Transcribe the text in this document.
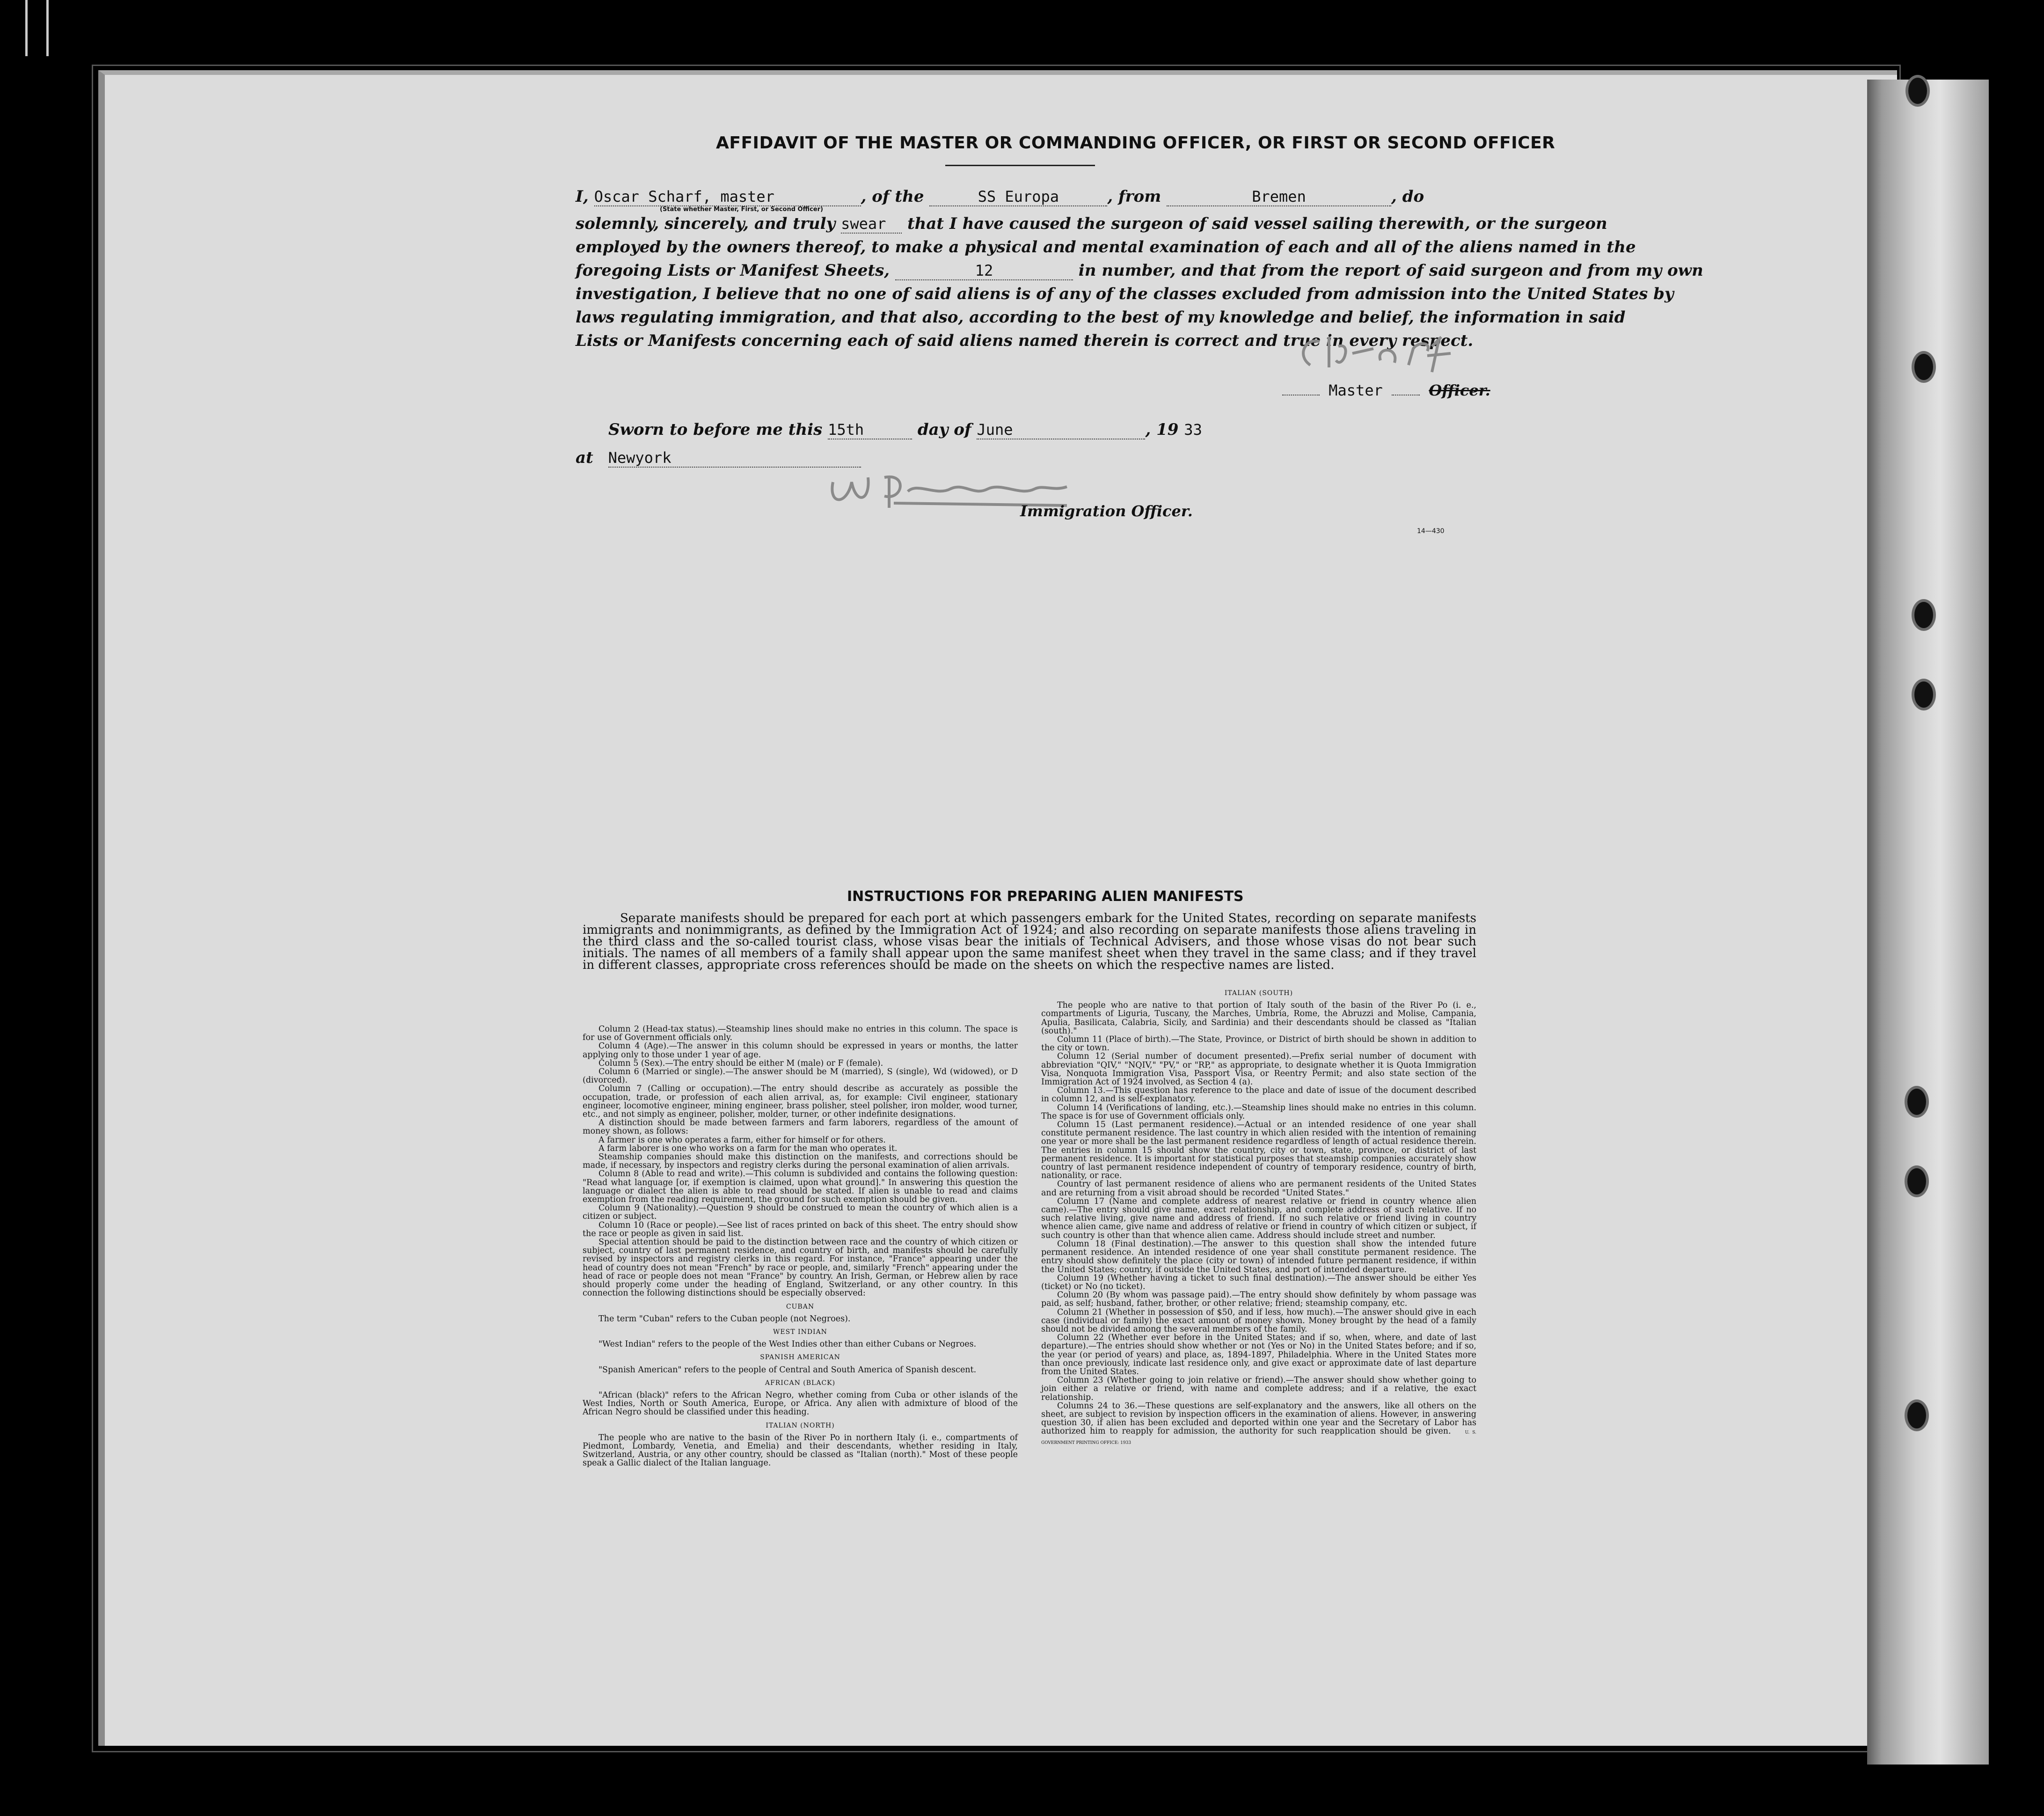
AFFIDAVIT OF THE MASTER OR COMMANDING OFFICER, OR FIRST OR SECOND OFFICER
I, Oscar Scharf, master	, of the	SS Europa	, from	Bremen	, do
(State whether Master, First, or Second Officer)
solemnly, sincerely, and truly swear that I have caused the surgeon of said vessel sailing therewith, or the surgeon
employed by the owners thereof, to make a physical and mental examination of each and all of the aliens named in the
foregoing Lists or Manifest Sheets,	12	in number, and that from the report of said surgeon and from my own
investigation, I believe that no one of said aliens is of any of the classes excluded from admission into the United States by
laws regulating immigration, and that also, according to the best of my knowledge and belief, the information in said
Lists or Manifests concerning each of said aliens named therein is correct and true in every respect.
Master	Officer.
Sworn to before me this 15th	day of June	, 19 33
at Newyork
Immigration Officer.
14—430
INSTRUCTIONS FOR PREPARING ALIEN MANIFESTS
Separate manifests should be prepared for each port at which passengers embark for the United States, recording on separate manifests immigrants and nonimmigrants, as defined by the Immigration Act of 1924; and also recording on separate manifests those aliens traveling in the third class and the so-called tourist class, whose visas bear the initials of Technical Advisers, and those whose visas do not bear such initials. The names of all members of a family shall appear upon the same manifest sheet when they travel in the same class; and if they travel in different classes, appropriate cross references should be made on the sheets on which the respective names are listed.

Column 2 (Head-tax status).—Steamship lines should make no entries in this column. The space is for use of Government officials only.

Column 4 (Age).—The answer in this column should be expressed in years or months, the latter applying only to those under 1 year of age.

Column 5 (Sex).—The entry should be either M (male) or F (female).

Column 6 (Married or single).—The answer should be M (married), S (single), Wd (widowed), or D (divorced).

Column 7 (Calling or occupation).—The entry should describe as accurately as possible the occupation, trade, or profession of each alien arrival, as, for example: Civil engineer, stationary engineer, locomotive engineer, mining engineer, brass polisher, steel polisher, iron molder, wood turner, etc., and not simply as engineer, polisher, molder, turner, or other indefinite designations.

A distinction should be made between farmers and farm laborers, regardless of the amount of money shown, as follows:

A farmer is one who operates a farm, either for himself or for others.

A farm laborer is one who works on a farm for the man who operates it.

Steamship companies should make this distinction on the manifests, and corrections should be made, if necessary, by inspectors and registry clerks during the personal examination of alien arrivals.

Column 8 (Able to read and write).—This column is subdivided and contains the following question: "Read what language [or, if exemption is claimed, upon what ground]." In answering this question the language or dialect the alien is able to read should be stated. If alien is unable to read and claims exemption from the reading requirement, the ground for such exemption should be given.

Column 9 (Nationality).—Question 9 should be construed to mean the country of which alien is a citizen or subject.

Column 10 (Race or people).—See list of races printed on back of this sheet. The entry should show the race or people as given in said list.

Special attention should be paid to the distinction between race and the country of which citizen or subject, country of last permanent residence, and country of birth, and manifests should be carefully revised by inspectors and registry clerks in this regard. For instance, "France" appearing under the head of country does not mean "French" by race or people, and, similarly "French" appearing under the head of race or people does not mean "France" by country. An Irish, German, or Hebrew alien by race should properly come under the heading of England, Switzerland, or any other country. In this connection the following distinctions should be especially observed:

CUBAN

The term "Cuban" refers to the Cuban people (not Negroes).

WEST INDIAN

"West Indian" refers to the people of the West Indies other than either Cubans or Negroes.

SPANISH AMERICAN

"Spanish American" refers to the people of Central and South America of Spanish descent.

AFRICAN (BLACK)

"African (black)" refers to the African Negro, whether coming from Cuba or other islands of the West Indies, North or South America, Europe, or Africa. Any alien with admixture of blood of the African Negro should be classified under this heading.

ITALIAN (NORTH)

The people who are native to the basin of the River Po in northern Italy (i. e., compartments of Piedmont, Lombardy, Venetia, and Emelia) and their descendants, whether residing in Italy, Switzerland, Austria, or any other country, should be classed as "Italian (north)." Most of these people speak a Gallic dialect of the Italian language.

ITALIAN (SOUTH)

The people who are native to that portion of Italy south of the basin of the River Po (i. e., compartments of Liguria, Tuscany, the Marches, Umbria, Rome, the Abruzzi and Molise, Campania, Apulia, Basilicata, Calabria, Sicily, and Sardinia) and their descendants should be classed as "Italian (south)."

Column 11 (Place of birth).—The State, Province, or District of birth should be shown in addition to the city or town.

Column 12 (Serial number of document presented).—Prefix serial number of document with abbreviation "QIV," "NQIV," "PV," or "RP," as appropriate, to designate whether it is Quota Immigration Visa, Nonquota Immigration Visa, Passport Visa, or Reentry Permit; and also state section of the Immigration Act of 1924 involved, as Section 4 (a).

Column 13.—This question has reference to the place and date of issue of the document described in column 12, and is self-explanatory.

Column 14 (Verifications of landing, etc.).—Steamship lines should make no entries in this column. The space is for use of Government officials only.

Column 15 (Last permanent residence).—Actual or an intended residence of one year shall constitute permanent residence. The last country in which alien resided with the intention of remaining one year or more shall be the last permanent residence regardless of length of actual residence therein. The entries in column 15 should show the country, city or town, state, province, or district of last permanent residence. It is important for statistical purposes that steamship companies accurately show country of last permanent residence independent of country of temporary residence, country of birth, nationality, or race.

Country of last permanent residence of aliens who are permanent residents of the United States and are returning from a visit abroad should be recorded "United States."

Column 17 (Name and complete address of nearest relative or friend in country whence alien came).—The entry should give name, exact relationship, and complete address of such relative. If no such relative living, give name and address of friend. If no such relative or friend living in country whence alien came, give name and address of relative or friend in country of which citizen or subject, if such country is other than that whence alien came. Address should include street and number.

Column 18 (Final destination).—The answer to this question shall show the intended future permanent residence. An intended residence of one year shall constitute permanent residence. The entry should show definitely the place (city or town) of intended future permanent residence, if within the United States; country, if outside the United States, and port of intended departure.

Column 19 (Whether having a ticket to such final destination).—The answer should be either Yes (ticket) or No (no ticket).

Column 20 (By whom was passage paid).—The entry should show definitely by whom passage was paid, as self; husband, father, brother, or other relative; friend; steamship company, etc.

Column 21 (Whether in possession of $50, and if less, how much).—The answer should give in each case (individual or family) the exact amount of money shown. Money brought by the head of a family should not be divided among the several members of the family.

Column 22 (Whether ever before in the United States; and if so, when, where, and date of last departure).—The entries should show whether or not (Yes or No) in the United States before; and if so, the year (or period of years) and place, as, 1894-1897, Philadelphia. Where in the United States more than once previously, indicate last residence only, and give exact or approximate date of last departure from the United States.

Column 23 (Whether going to join relative or friend).—The answer should show whether going to join either a relative or friend, with name and complete address; and if a relative, the exact relationship.

Columns 24 to 36.—These questions are self-explanatory and the answers, like all others on the sheet, are subject to revision by inspection officers in the examination of aliens. However, in answering question 30, if alien has been excluded and deported within one year and the Secretary of Labor has authorized him to reapply for admission, the authority for such reapplication should be given.	U. S. GOVERNMENT PRINTING OFFICE: 1933
